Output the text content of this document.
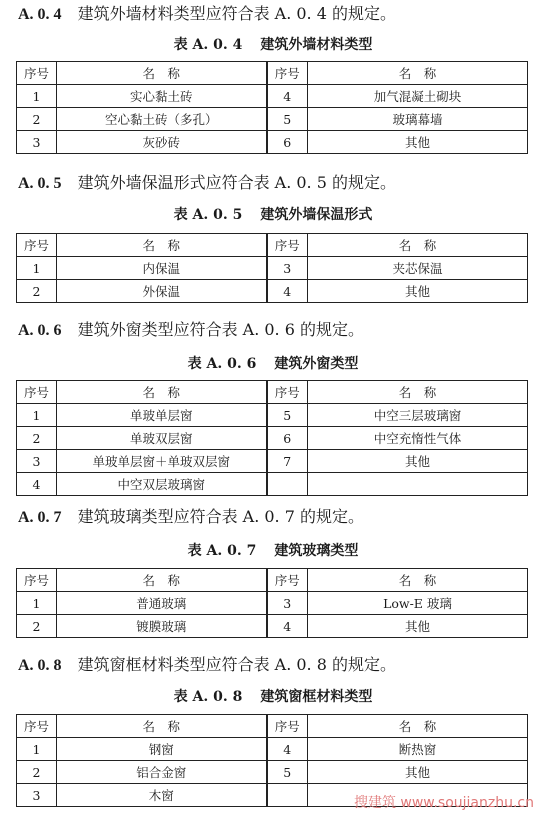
A. 0. 4 建筑外墙材料类型应符合表 A. 0. 4 的规定。
表 A. 0. 4 建筑外墙材料类型
序号	名　称	序号	名　称
1	实心黏土砖	4	加气混凝土砌块
2	空心黏土砖（多孔）	5	玻璃幕墙
3	灰砂砖	6	其他
A. 0. 5 建筑外墙保温形式应符合表 A. 0. 5 的规定。
表 A. 0. 5 建筑外墙保温形式
序号	名　称	序号	名　称
1	内保温	3	夹芯保温
2	外保温	4	其他
A. 0. 6 建筑外窗类型应符合表 A. 0. 6 的规定。
表 A. 0. 6 建筑外窗类型
序号	名　称	序号	名　称
1	单玻单层窗	5	中空三层玻璃窗
2	单玻双层窗	6	中空充惰性气体
3	单玻单层窗＋单玻双层窗	7	其他
4	中空双层玻璃窗		
A. 0. 7 建筑玻璃类型应符合表 A. 0. 7 的规定。
表 A. 0. 7 建筑玻璃类型
序号	名　称	序号	名　称
1	普通玻璃	3	Low-E 玻璃
2	镀膜玻璃	4	其他
A. 0. 8 建筑窗框材料类型应符合表 A. 0. 8 的规定。
表 A. 0. 8 建筑窗框材料类型
序号	名　称	序号	名　称
1	钢窗	4	断热窗
2	铝合金窗	5	其他
3	木窗			搜建筑 www.soujianzhu.cn
